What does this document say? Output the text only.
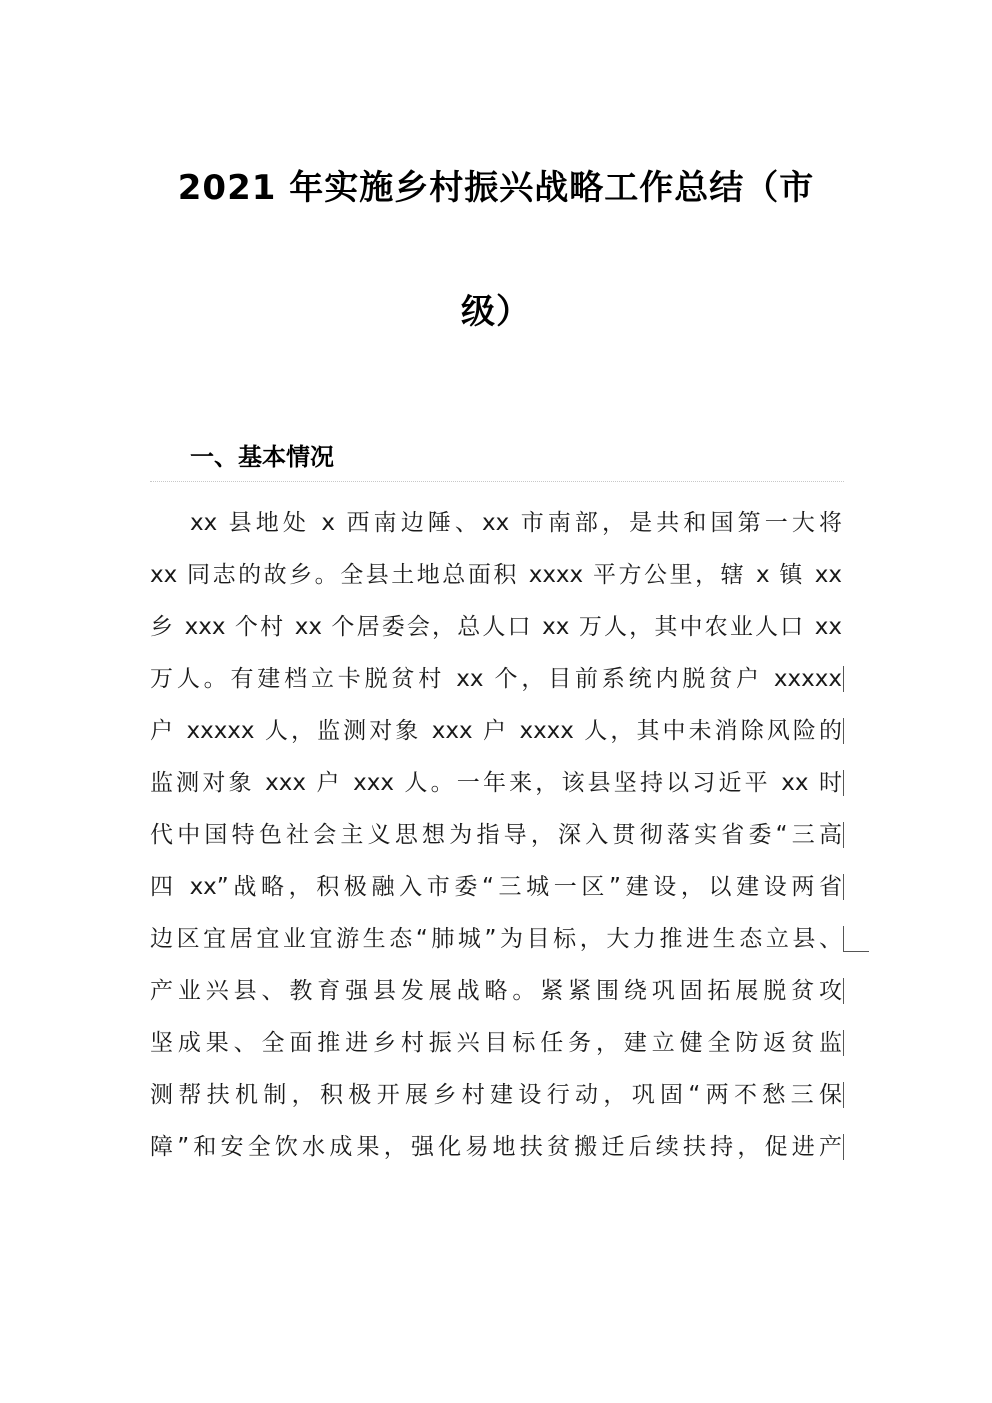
2021 年实施乡村振兴战略工作总结（市
级）
一、基本情况
xx 县地处 x 西南边陲、xx 市南部，是共和国第一大将
xx 同志的故乡。全县土地总面积 xxxx 平方公里，辖 x 镇 xx
乡 xxx 个村 xx 个居委会，总人口 xx 万人，其中农业人口 xx
万人。有建档立卡脱贫村 xx 个，目前系统内脱贫户 xxxxx
户 xxxxx 人，监测对象 xxx 户 xxxx 人，其中未消除风险的
监测对象 xxx 户 xxx 人。一年来，该县坚持以习近平 xx 时
代中国特色社会主义思想为指导，深入贯彻落实省委“三高
四 xx”战略，积极融入市委“三城一区”建设，以建设两省
边区宜居宜业宜游生态“肺城”为目标，大力推进生态立县、
产业兴县、教育强县发展战略。紧紧围绕巩固拓展脱贫攻
坚成果、全面推进乡村振兴目标任务，建立健全防返贫监
测帮扶机制，积极开展乡村建设行动，巩固“两不愁三保
障”和安全饮水成果，强化易地扶贫搬迁后续扶持，促进产
